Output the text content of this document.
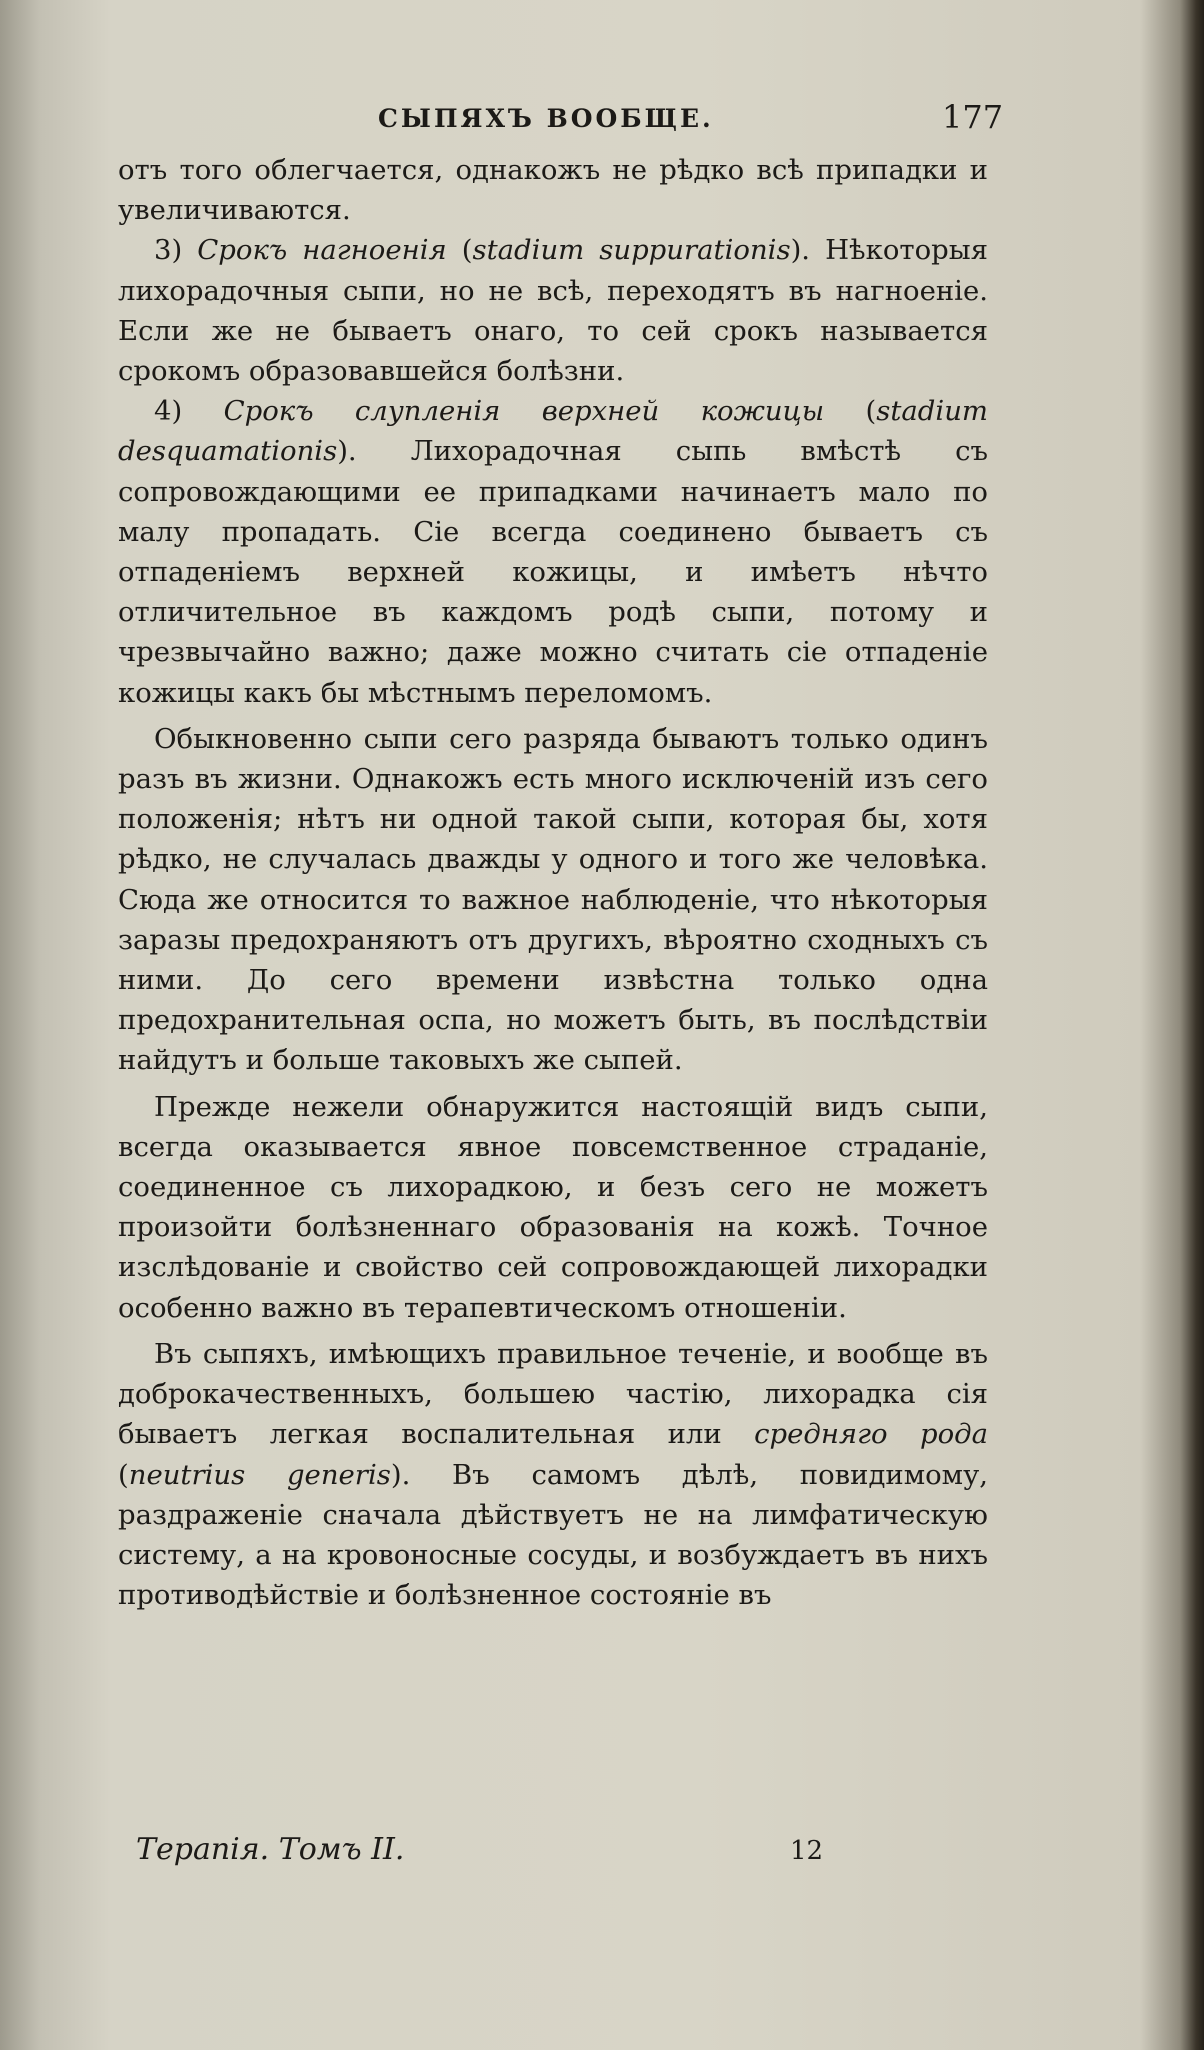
СЫПЯХЪ ВООБЩЕ.	177

отъ того облегчается, однакожъ не рѣдко всѣ припадки и увеличиваются.

3) Срокъ нагноенія (stadium suppurationis). Нѣкоторыя лихорадочныя сыпи, но не всѣ, переходятъ въ нагноеніе. Если же не бываетъ онаго, то сей срокъ называется срокомъ образовавшейся болѣзни.

4) Срокъ слупленія верхней кожицы (stadium desquamationis). Лихорадочная сыпь вмѣстѣ съ сопровождающими ее припадками начинаетъ мало по малу пропадать. Сіе всегда соединено бываетъ съ отпаденіемъ верхней кожицы, и имѣетъ нѣчто отличительное въ каждомъ родѣ сыпи, потому и чрезвычайно важно; даже можно считать сіе отпаденіе кожицы какъ бы мѣстнымъ переломомъ.

Обыкновенно сыпи сего разряда бываютъ только одинъ разъ въ жизни. Однакожъ есть много исключеній изъ сего положенія; нѣтъ ни одной такой сыпи, которая бы, хотя рѣдко, не случалась дважды у одного и того же человѣка. Сюда же относится то важное наблюденіе, что нѣкоторыя заразы предохраняютъ отъ другихъ, вѣроятно сходныхъ съ ними. До сего времени извѣстна только одна предохранительная оспа, но можетъ быть, въ послѣдствіи найдутъ и больше таковыхъ же сыпей.

Прежде нежели обнаружится настоящій видъ сыпи, всегда оказывается явное повсемственное страданіе, соединенное съ лихорадкою, и безъ сего не можетъ произойти болѣзненнаго образованія на кожѣ. Точное изслѣдованіе и свойство сей сопровождающей лихорадки особенно важно въ терапевтическомъ отношеніи.

Въ сыпяхъ, имѣющихъ правильное теченіе, и вообще въ доброкачественныхъ, большею частію, лихорадка сія бываетъ легкая воспалительная или средняго рода (neutrius generis). Въ самомъ дѣлѣ, повидимому, раздраженіе сначала дѣйствуетъ не на лимфатическую систему, а на кровоносные сосуды, и возбуждаетъ въ нихъ противодѣйствіе и болѣзненное состояніе въ

Терапія. Томъ II.	12
